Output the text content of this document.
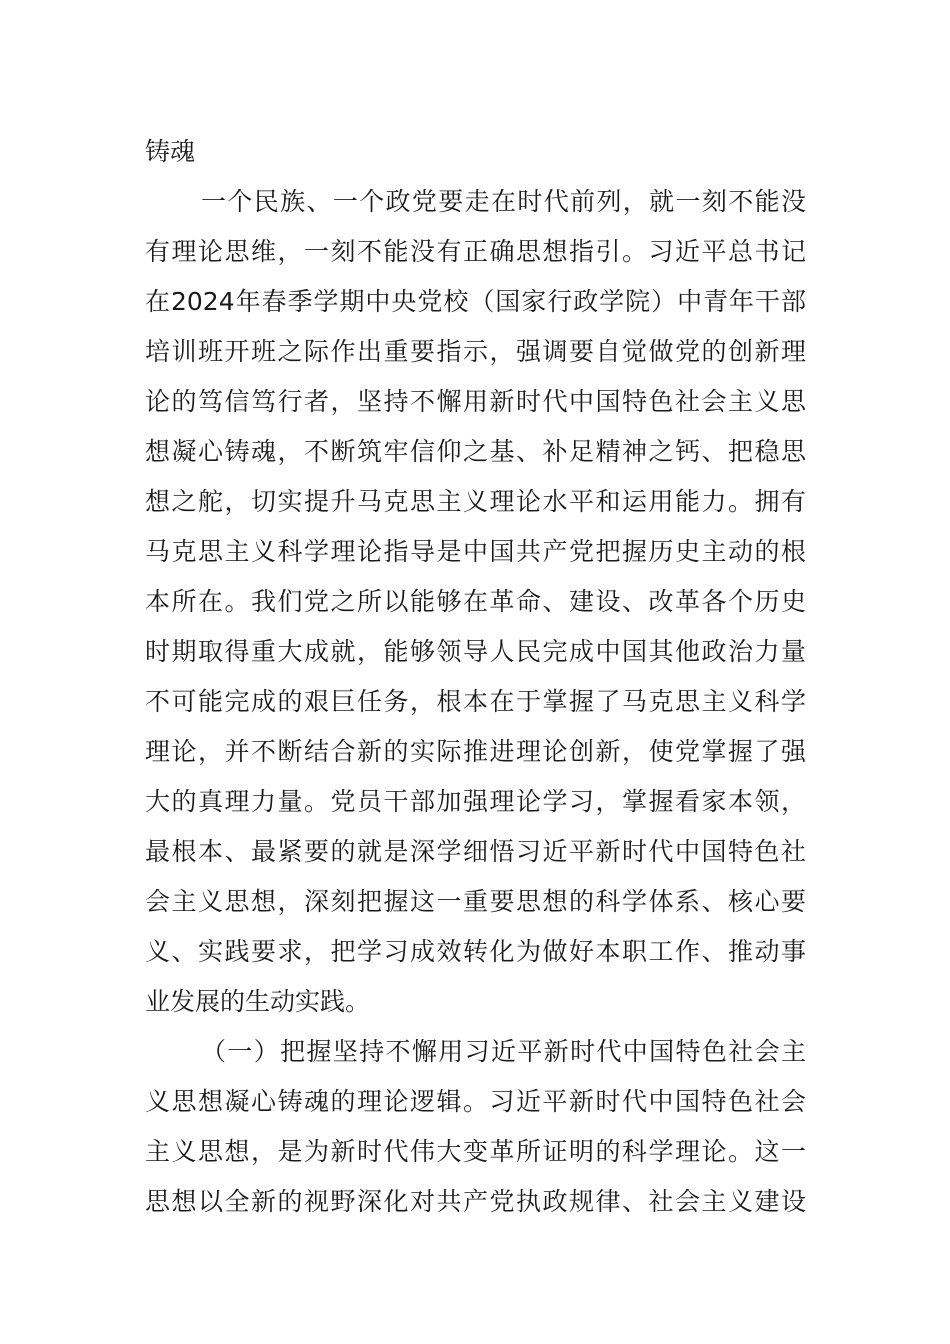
铸魂
一个民族、一个政党要走在时代前列，就一刻不能没
有理论思维，一刻不能没有正确思想指引。习近平总书记
在2024年春季学期中央党校（国家行政学院）中青年干部
培训班开班之际作出重要指示，强调要自觉做党的创新理
论的笃信笃行者，坚持不懈用新时代中国特色社会主义思
想凝心铸魂，不断筑牢信仰之基、补足精神之钙、把稳思
想之舵，切实提升马克思主义理论水平和运用能力。拥有
马克思主义科学理论指导是中国共产党把握历史主动的根
本所在。我们党之所以能够在革命、建设、改革各个历史
时期取得重大成就，能够领导人民完成中国其他政治力量
不可能完成的艰巨任务，根本在于掌握了马克思主义科学
理论，并不断结合新的实际推进理论创新，使党掌握了强
大的真理力量。党员干部加强理论学习，掌握看家本领，
最根本、最紧要的就是深学细悟习近平新时代中国特色社
会主义思想，深刻把握这一重要思想的科学体系、核心要
义、实践要求，把学习成效转化为做好本职工作、推动事
业发展的生动实践。
（一）把握坚持不懈用习近平新时代中国特色社会主
义思想凝心铸魂的理论逻辑。习近平新时代中国特色社会
主义思想，是为新时代伟大变革所证明的科学理论。这一
思想以全新的视野深化对共产党执政规律、社会主义建设
